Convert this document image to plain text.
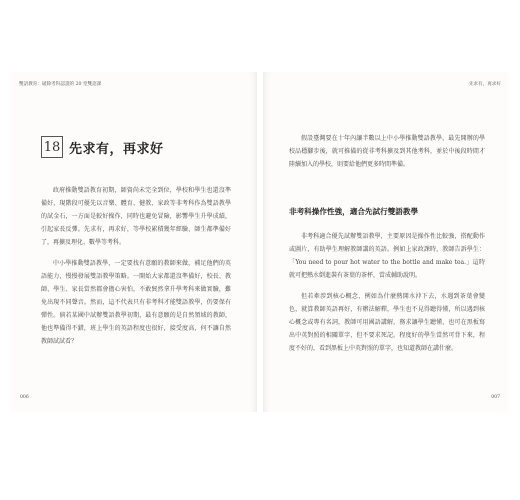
雙語教育：破除考科認證的 20 堂雙語課
18 先求有，再求好

政府推動雙語教育初期，師資尚未完全到位，學校和學生也還沒準備好，現階段可優先以音樂、體育、健教、家政等非考科作為雙語教學的試金石，一方面是較好操作，同時也避免冒險，影響學生升學成績，引起家長反彈。先求有，再求好，等學校累積幾年經驗，師生都準備好了，再擴及理化、數學等考科。

中小學推動雙語教學，一定要找有意願的教師來做，補足他們的英語能力，慢慢發展雙語教學策略。一開始大家都還沒準備好，校長、教師、學生、家長當然都會擔心害怕，不敢貿然拿升學考科來做實驗，難免出現不同聲音。然而，這不代表只有非考科才能雙語教學，仍要保有彈性。倘若某國中試辦雙語教學初期，最有意願的是自然領域的教師，他也準備得不錯，班上學生的英語程度也很好，接受度高，何不讓自然教師試試看？

006
先求有，再求好

假設臺灣要在十年內讓半數以上中小學推動雙語教學，最先開辦的學校品穩腳步後，就可推備的從非考科擴及到其他考科，並於中後段時間才陸續加入的學校，則要給他們更多時間準備。

非考科操作性強，適合先試行雙語教學

非考科適合優先試辦雙語教學，主要原因是操作性比較強，搭配動作或圖片，有助學生理解教師講的英語。例如上家政課時，教師告訴學生：「You need to pour hot water to the bottle and make tea.」這時就可把熱水倒進裝有茶葉的茶杯，當成輔助說明。

但若牽涉到核心概念，例如為什麼熱開水沖下去，水遇到茶葉會變色，就算教師英語再好，有辦法解釋，學生也不見得聽得懂，所以遇到核心概念或專有名詞，教師可用國語講解，務求讓學生聽懂，也可在黑板寫出中英對照的相關單字，但不要求死記。程度好的學生當然可背下來，程度不好的，看到黑板上中英對照的單字，也知道教師在講什麼。

007
